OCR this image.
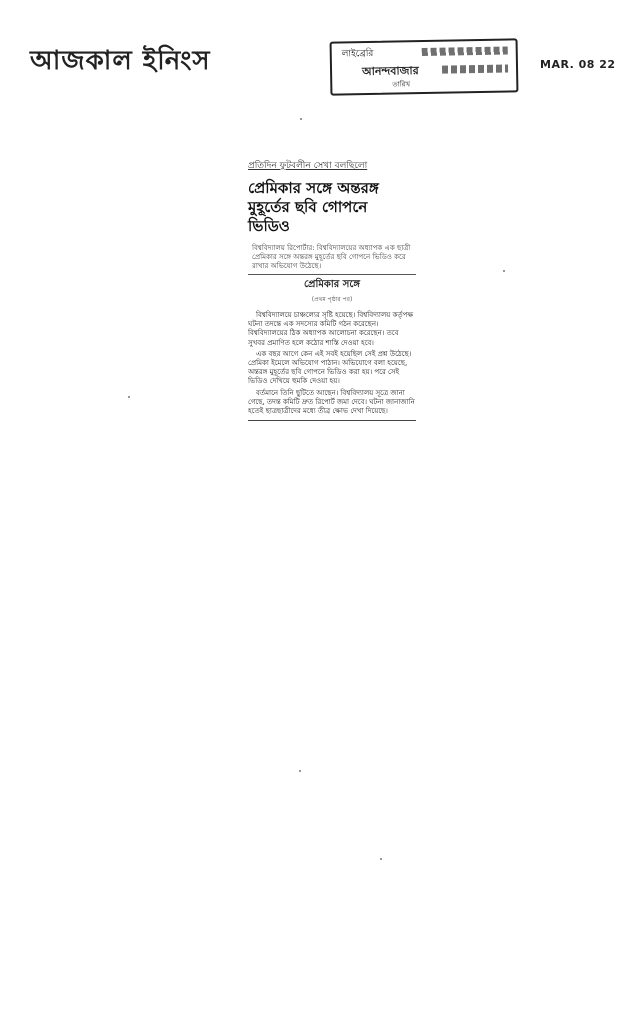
আজকাল ইনিংস	লাইব্রেরি
আনন্দবাজার
তারিখ
MAR. 08 22
প্রতিদিন ফুটবলীন সেখা বলছিলো
প্রেমিকার সঙ্গে অন্তরঙ্গ
মুহূর্তের ছবি গোপনে
ভিডিও
বিশ্ববিদ্যালয় রিপোর্টার: বিশ্ববিদ্যালয়ের অধ্যাপক এক ছাত্রী প্রেমিকার সঙ্গে অন্তরঙ্গ মুহূর্তের ছবি গোপনে ভিডিও করে রাখার অভিযোগ উঠেছে।
প্রেমিকার সঙ্গে
(প্রথম পৃষ্ঠার পর)

বিশ্ববিদ্যালয়ে চাঞ্চল্যের সৃষ্টি হয়েছে। বিশ্ববিদ্যালয় কর্তৃপক্ষ ঘটনা তদন্তে এক সদস্যের কমিটি গঠন করেছেন। বিশ্ববিদ্যালয়ের ঠিক অধ্যাপক আলোচনা করেছেন। তবে সুখবর প্রমাণিত হলে কঠোর শাস্তি দেওয়া হবে।

এক বছর আগে কেন এই সবই হয়েছিল সেই প্রশ্ন উঠেছে। প্রেমিকা ইমেলে অভিযোগ পাঠান। অভিযোগে বলা হয়েছে, অন্তরঙ্গ মুহূর্তের ছবি গোপনে ভিডিও করা হয়। পরে সেই ভিডিও দেখিয়ে হুমকি দেওয়া হয়।

বর্তমানে তিনি ছুটিতে আছেন। বিশ্ববিদ্যালয় সূত্রে জানা গেছে, তদন্ত কমিটি দ্রুত রিপোর্ট জমা দেবে। ঘটনা জানাজানি হতেই ছাত্রছাত্রীদের মধ্যে তীব্র ক্ষোভ দেখা দিয়েছে।
